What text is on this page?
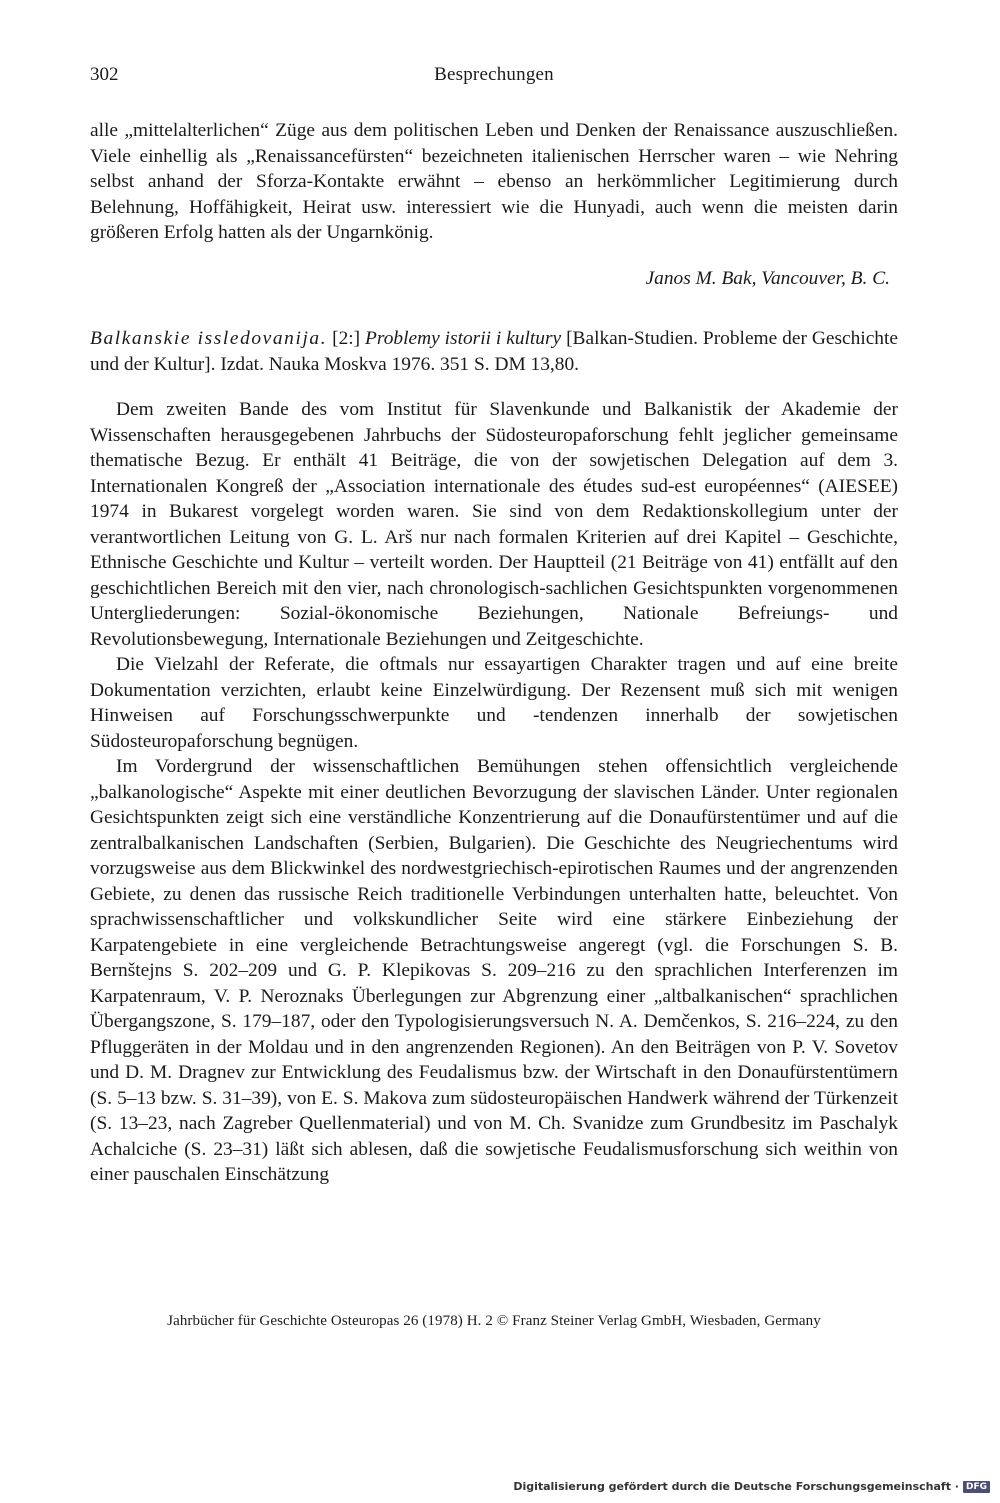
302	Besprechungen

alle „mittelalterlichen“ Züge aus dem politischen Leben und Denken der Renaissance auszuschließen. Viele einhellig als „Renaissancefürsten“ bezeichneten italienischen Herrscher waren – wie Nehring selbst anhand der Sforza-Kontakte erwähnt – ebenso an herkömmlicher Legitimierung durch Belehnung, Hoffähigkeit, Heirat usw. interessiert wie die Hunyadi, auch wenn die meisten darin größeren Erfolg hatten als der Ungarnkönig.

Janos M. Bak, Vancouver, B. C.
Balkanskie issledovanija. [2:] Problemy istorii i kultury [Balkan-Studien. Probleme der Geschichte und der Kultur]. Izdat. Nauka Moskva 1976. 351 S. DM 13,80.

Dem zweiten Bande des vom Institut für Slavenkunde und Balkanistik der Akademie der Wissenschaften herausgegebenen Jahrbuchs der Südosteuropaforschung fehlt jeglicher gemeinsame thematische Bezug. Er enthält 41 Beiträge, die von der sowjetischen Delegation auf dem 3. Internationalen Kongreß der „Association internationale des études sud-est européennes“ (AIESEE) 1974 in Bukarest vorgelegt worden waren. Sie sind von dem Redaktionskollegium unter der verantwortlichen Leitung von G. L. Arš nur nach formalen Kriterien auf drei Kapitel – Geschichte, Ethnische Geschichte und Kultur – verteilt worden. Der Hauptteil (21 Beiträge von 41) entfällt auf den geschichtlichen Bereich mit den vier, nach chronologisch-sachlichen Gesichtspunkten vorgenommenen Untergliederungen: Sozial-ökonomische Beziehungen, Nationale Befreiungs- und Revolutionsbewegung, Internationale Beziehungen und Zeitgeschichte.

Die Vielzahl der Referate, die oftmals nur essayartigen Charakter tragen und auf eine breite Dokumentation verzichten, erlaubt keine Einzelwürdigung. Der Rezensent muß sich mit wenigen Hinweisen auf Forschungsschwerpunkte und -tendenzen innerhalb der sowjetischen Südosteuropaforschung begnügen.

Im Vordergrund der wissenschaftlichen Bemühungen stehen offensichtlich vergleichende „balkanologische“ Aspekte mit einer deutlichen Bevorzugung der slavischen Länder. Unter regionalen Gesichtspunkten zeigt sich eine verständliche Konzentrierung auf die Donaufürstentümer und auf die zentralbalkanischen Landschaften (Serbien, Bulgarien). Die Geschichte des Neugriechentums wird vorzugsweise aus dem Blickwinkel des nordwestgriechisch-epirotischen Raumes und der angrenzenden Gebiete, zu denen das russische Reich traditionelle Verbindungen unterhalten hatte, beleuchtet. Von sprachwissenschaftlicher und volkskundlicher Seite wird eine stärkere Einbeziehung der Karpatengebiete in eine vergleichende Betrachtungsweise angeregt (vgl. die Forschungen S. B. Bernštejns S. 202–209 und G. P. Klepikovas S. 209–216 zu den sprachlichen Interferenzen im Karpatenraum, V. P. Neroznaks Überlegungen zur Abgrenzung einer „altbalkanischen“ sprachlichen Übergangszone, S. 179–187, oder den Typologisierungsversuch N. A. Demčenkos, S. 216–224, zu den Pfluggeräten in der Moldau und in den angrenzenden Regionen). An den Beiträgen von P. V. Sovetov und D. M. Dragnev zur Entwicklung des Feudalismus bzw. der Wirtschaft in den Donaufürstentümern (S. 5–13 bzw. S. 31–39), von E. S. Makova zum südosteuropäischen Handwerk während der Türkenzeit (S. 13–23, nach Zagreber Quellenmaterial) und von M. Ch. Svanidze zum Grundbesitz im Paschalyk Achalciche (S. 23–31) läßt sich ablesen, daß die sowjetische Feudalismusforschung sich weithin von einer pauschalen Einschätzung

Jahrbücher für Geschichte Osteuropas 26 (1978) H. 2 © Franz Steiner Verlag GmbH, Wiesbaden, Germany
Digitalisierung gefördert durch die Deutsche Forschungsgemeinschaft · DFG
